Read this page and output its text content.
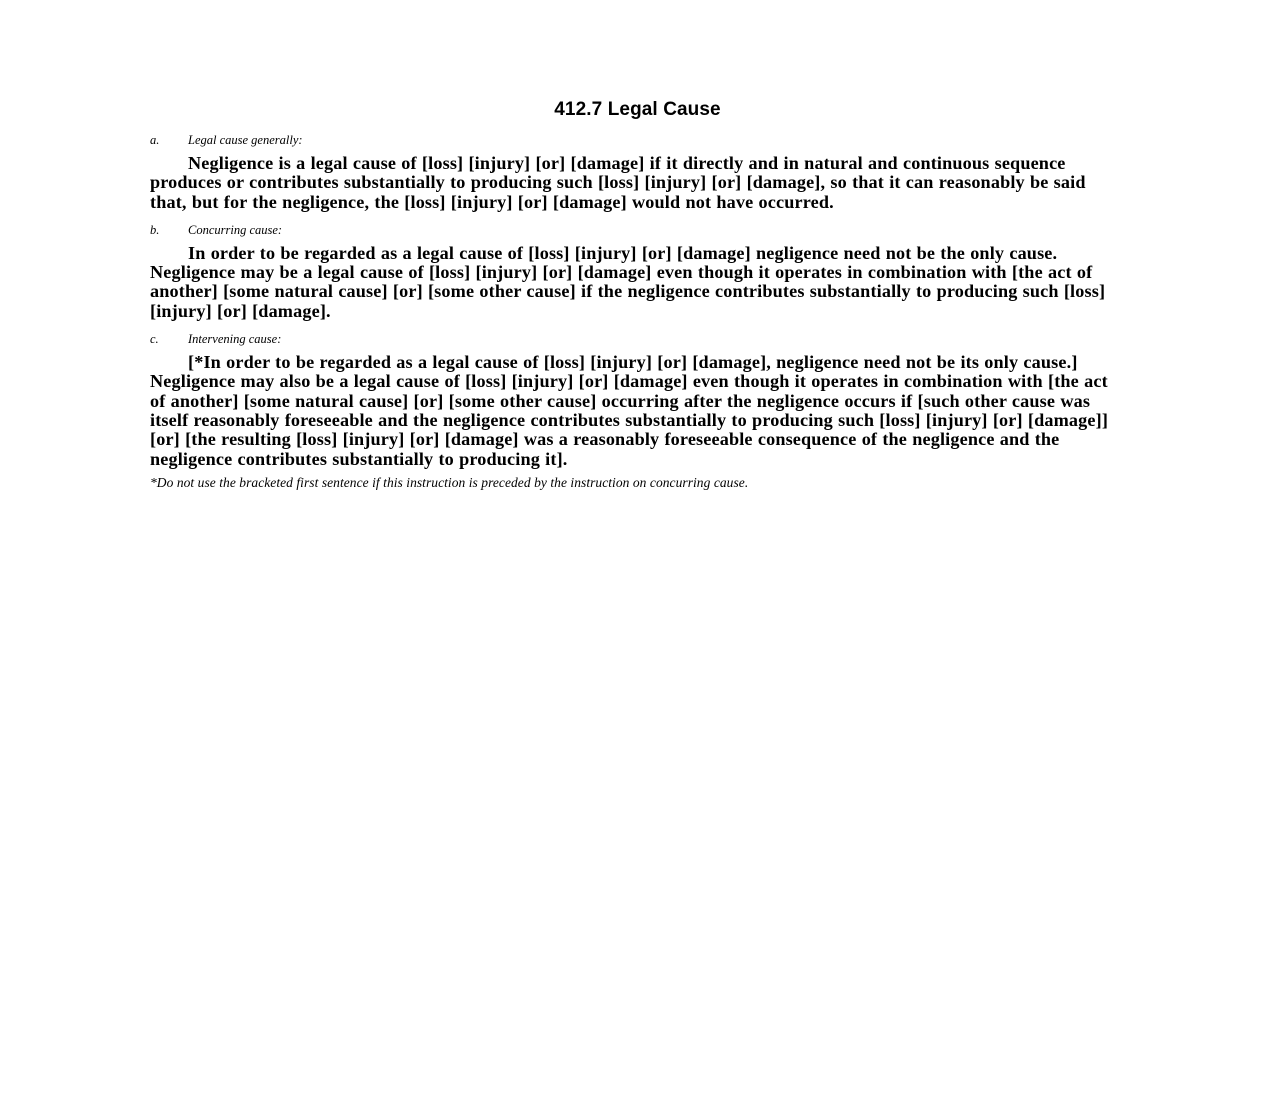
412.7 Legal Cause

a.	Legal cause generally:

Negligence is a legal cause of [loss] [injury] [or] [damage] if it directly and in natural and continuous sequence produces or contributes substantially to producing such [loss] [injury] [or] [damage], so that it can reasonably be said that, but for the negligence, the [loss] [injury] [or] [damage] would not have occurred.

b.	Concurring cause:

In order to be regarded as a legal cause of [loss] [injury] [or] [damage] negligence need not be the only cause. Negligence may be a legal cause of [loss] [injury] [or] [damage] even though it operates in combination with [the act of another] [some natural cause] [or] [some other cause] if the negligence contributes substantially to producing such [loss] [injury] [or] [damage].

c.	Intervening cause:

[*In order to be regarded as a legal cause of [loss] [injury] [or] [damage], negligence need not be its only cause.] Negligence may also be a legal cause of [loss] [injury] [or] [damage] even though it operates in combination with [the act of another] [some natural cause] [or] [some other cause] occurring after the negligence occurs if [such other cause was itself reasonably foreseeable and the negligence contributes substantially to producing such [loss] [injury] [or] [damage]] [or] [the resulting [loss] [injury] [or] [damage] was a reasonably foreseeable consequence of the negligence and the negligence contributes substantially to producing it].

*Do not use the bracketed first sentence if this instruction is preceded by the instruction on concurring cause.
